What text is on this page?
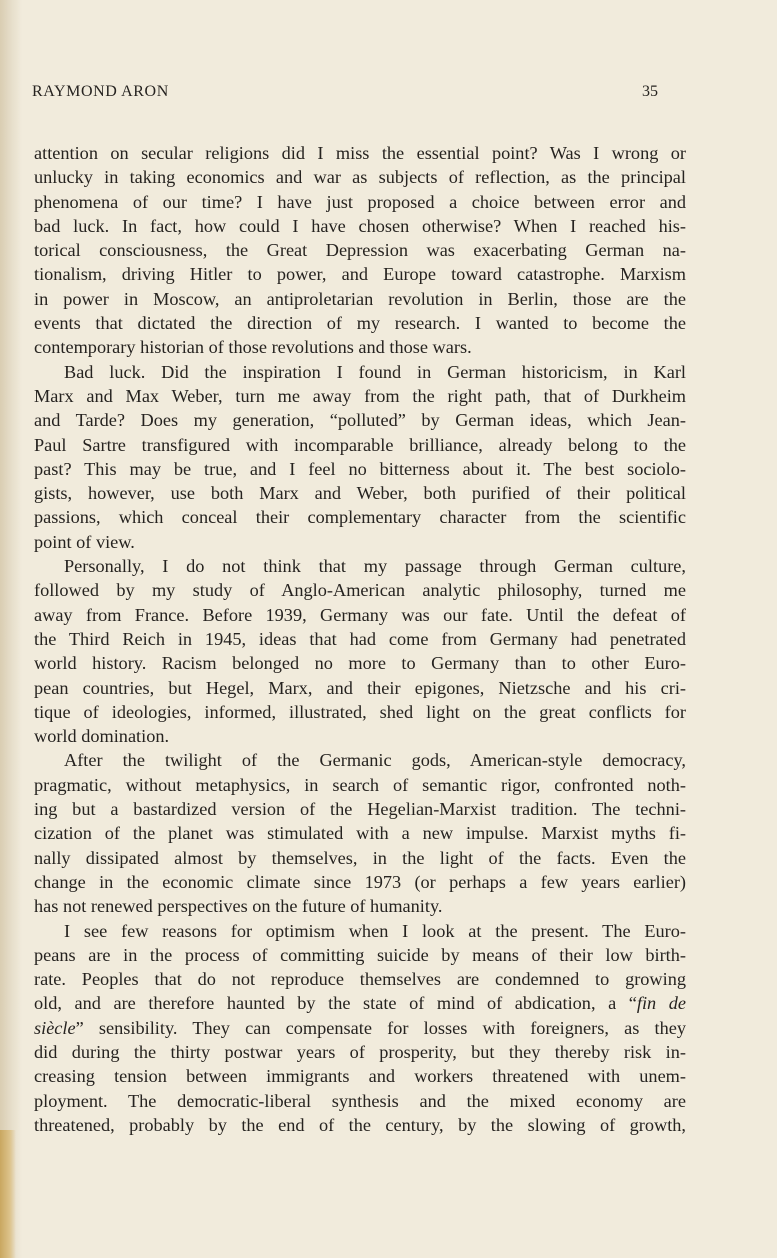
RAYMOND ARON	35
attention on secular religions did I miss the essential point? Was I wrong or
unlucky in taking economics and war as subjects of reflection, as the principal
phenomena of our time? I have just proposed a choice between error and
bad luck. In fact, how could I have chosen otherwise? When I reached his-
torical consciousness, the Great Depression was exacerbating German na-
tionalism, driving Hitler to power, and Europe toward catastrophe. Marxism
in power in Moscow, an antiproletarian revolution in Berlin, those are the
events that dictated the direction of my research. I wanted to become the
contemporary historian of those revolutions and those wars.
Bad luck. Did the inspiration I found in German historicism, in Karl
Marx and Max Weber, turn me away from the right path, that of Durkheim
and Tarde? Does my generation, “polluted” by German ideas, which Jean-
Paul Sartre transfigured with incomparable brilliance, already belong to the
past? This may be true, and I feel no bitterness about it. The best sociolo-
gists, however, use both Marx and Weber, both purified of their political
passions, which conceal their complementary character from the scientific
point of view.
Personally, I do not think that my passage through German culture,
followed by my study of Anglo-American analytic philosophy, turned me
away from France. Before 1939, Germany was our fate. Until the defeat of
the Third Reich in 1945, ideas that had come from Germany had penetrated
world history. Racism belonged no more to Germany than to other Euro-
pean countries, but Hegel, Marx, and their epigones, Nietzsche and his cri-
tique of ideologies, informed, illustrated, shed light on the great conflicts for
world domination.
After the twilight of the Germanic gods, American-style democracy,
pragmatic, without metaphysics, in search of semantic rigor, confronted noth-
ing but a bastardized version of the Hegelian-Marxist tradition. The techni-
cization of the planet was stimulated with a new impulse. Marxist myths fi-
nally dissipated almost by themselves, in the light of the facts. Even the
change in the economic climate since 1973 (or perhaps a few years earlier)
has not renewed perspectives on the future of humanity.
I see few reasons for optimism when I look at the present. The Euro-
peans are in the process of committing suicide by means of their low birth-
rate. Peoples that do not reproduce themselves are condemned to growing
old, and are therefore haunted by the state of mind of abdication, a “fin de
siècle” sensibility. They can compensate for losses with foreigners, as they
did during the thirty postwar years of prosperity, but they thereby risk in-
creasing tension between immigrants and workers threatened with unem-
ployment. The democratic-liberal synthesis and the mixed economy are
threatened, probably by the end of the century, by the slowing of growth,
